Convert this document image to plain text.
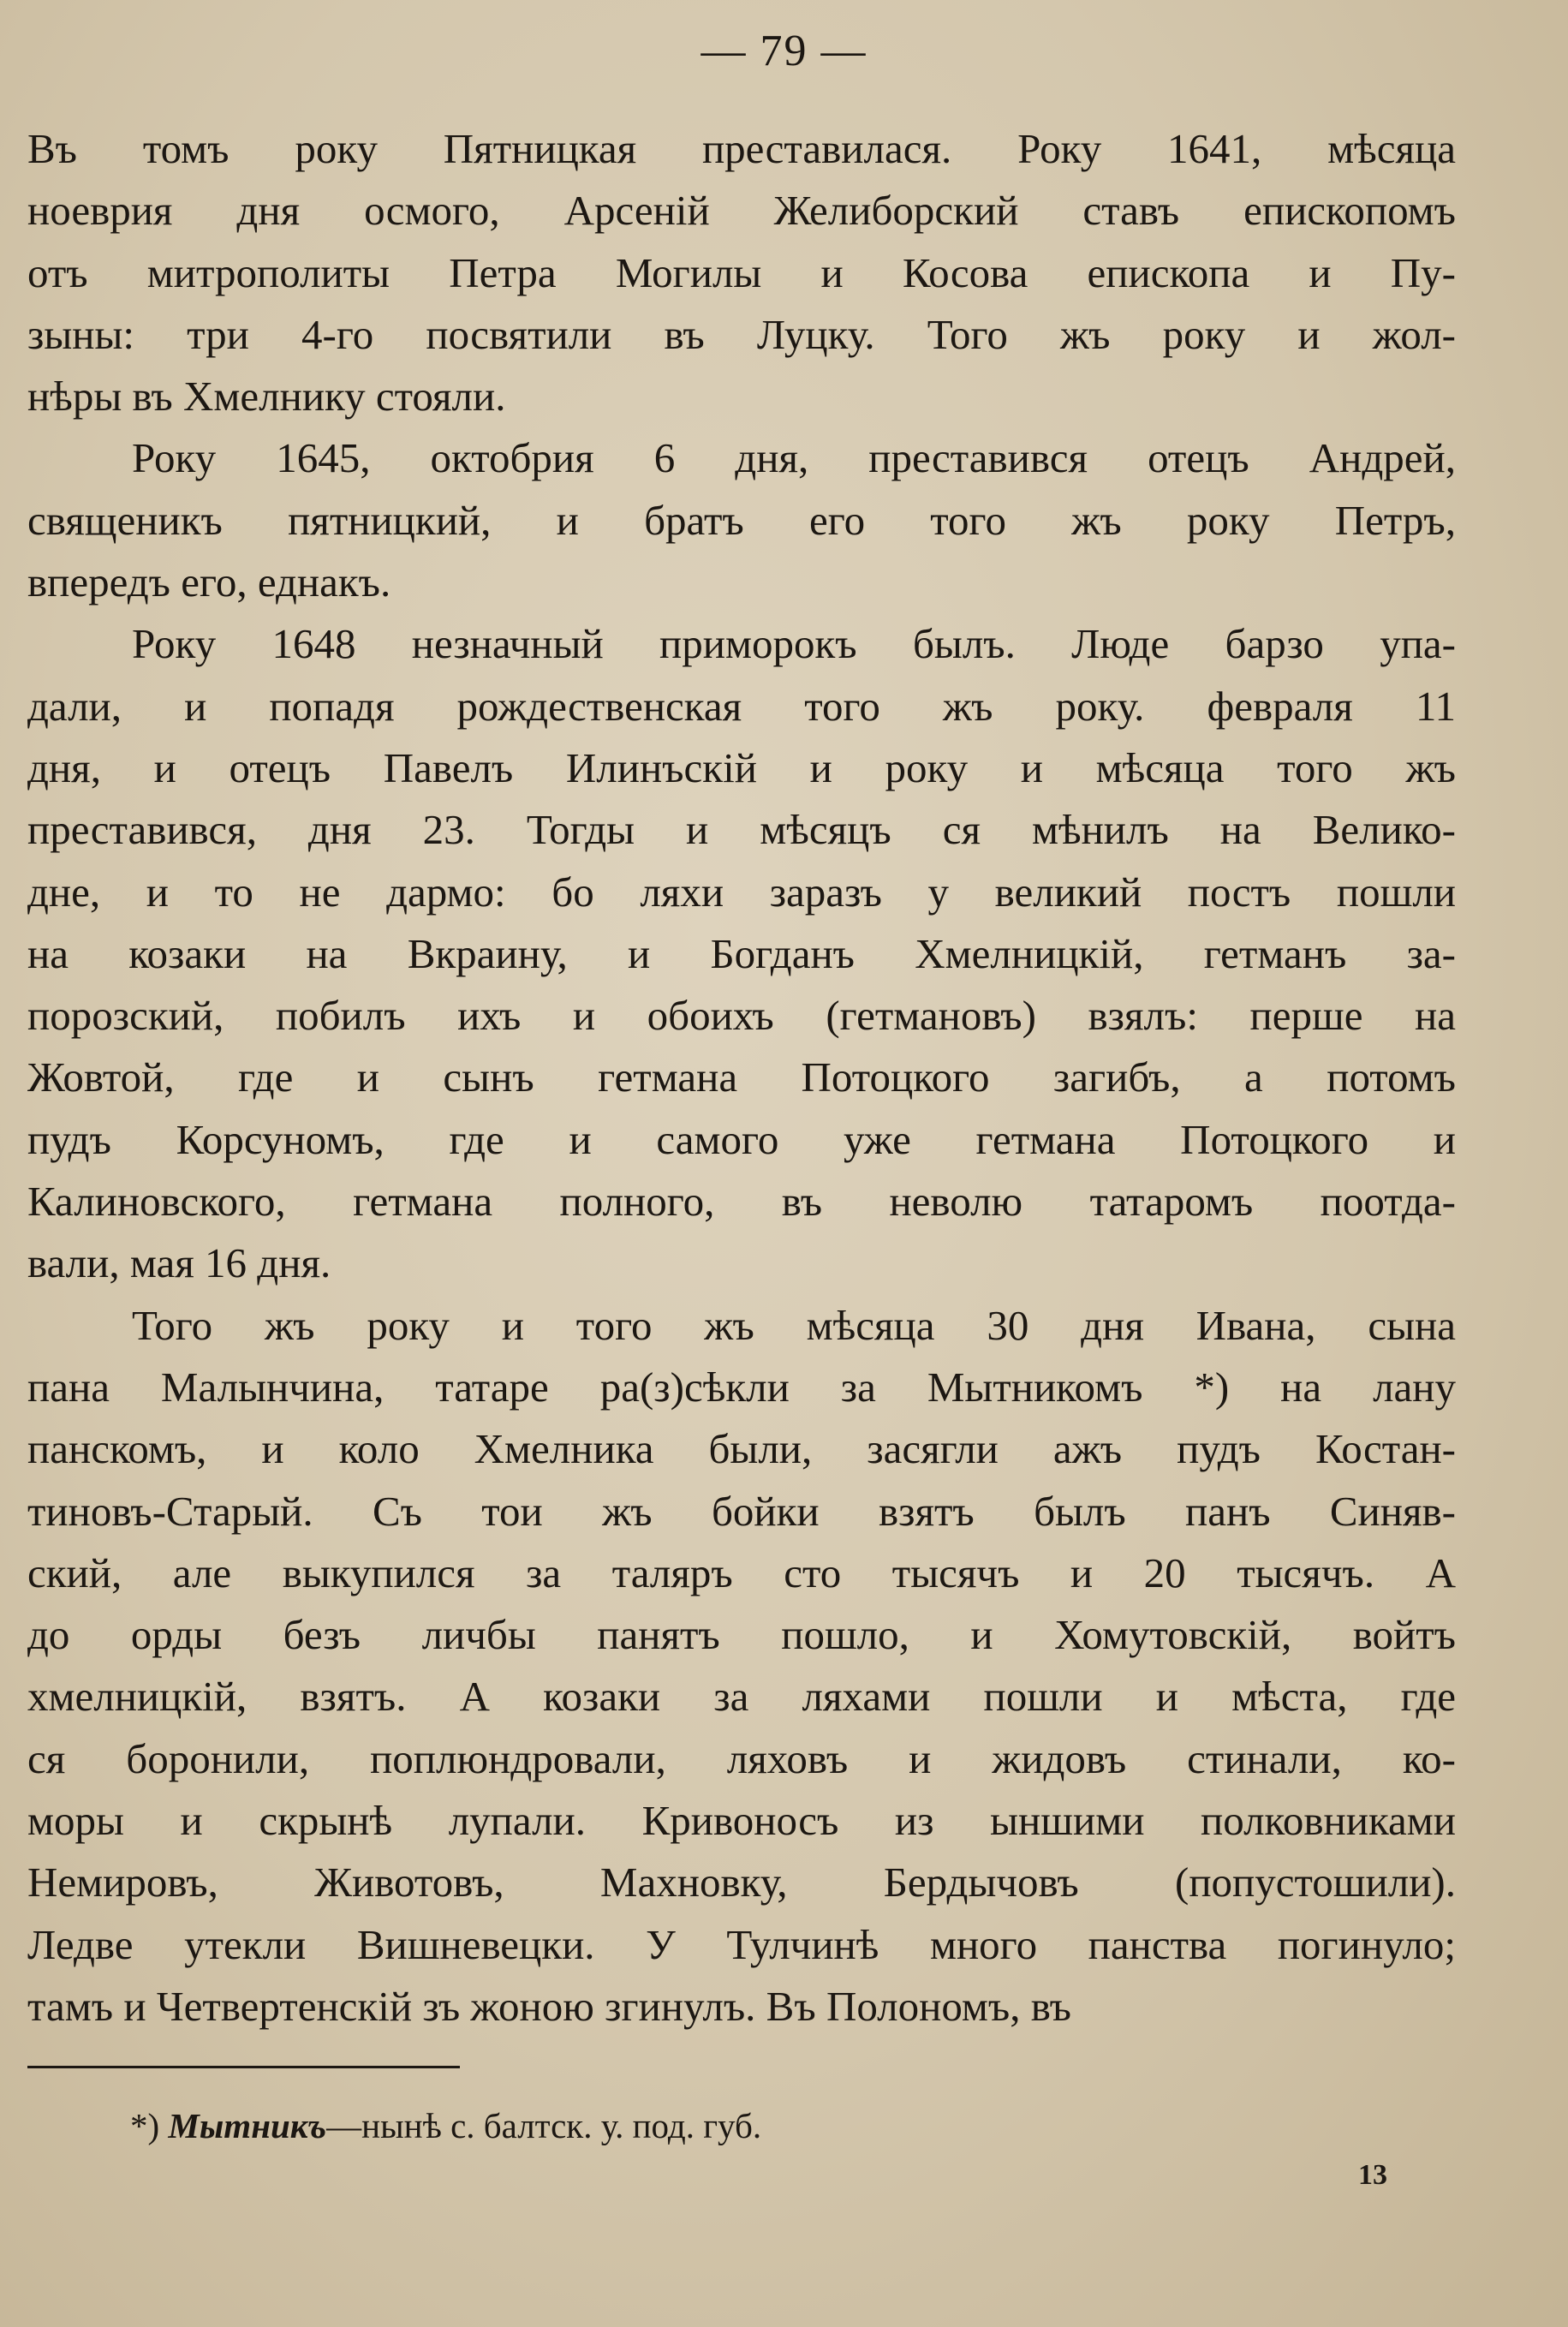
— 79 —

Въ томъ року Пятницкая преставилася. Року 1641, мѣсяца
ноеврия дня осмого, Арсеній Желиборский ставъ епископомъ
отъ митрополиты Петра Могилы и Косова епископа и Пу-
зыны: три 4-го посвятили въ Луцку. Того жъ року и жол-
нѣры въ Хмелнику стояли.

Року 1645, октобрия 6 дня, преставився отецъ Андрей,
священикъ пятницкий, и братъ его того жъ року Петръ,
впередъ его, еднакъ.

Року 1648 незначный приморокъ былъ. Люде барзо упа-
дали, и попадя рождественская того жъ року. февраля 11
дня, и отецъ Павелъ Илинъскій и року и мѣсяца того жъ
преставився, дня 23. Тогды и мѣсяцъ ся мѣнилъ на Велико-
дне, и то не дармо: бо ляхи заразъ у великий постъ пошли
на козаки на Вкраину, и Богданъ Хмелницкій, гетманъ за-
порозский, побилъ ихъ и обоихъ (гетмановъ) взялъ: перше на
Жовтой, где и сынъ гетмана Потоцкого загибъ, а потомъ
пудъ Корсуномъ, где и самого уже гетмана Потоцкого и
Калиновского, гетмана полного, въ неволю татаромъ поотда-
вали, мая 16 дня.

Того жъ року и того жъ мѣсяца 30 дня Ивана, сына
пана Малынчина, татаре ра(з)сѣкли за Мытникомъ *) на лану
панскомъ, и коло Хмелника были, засягли ажъ пудъ Костан-
тиновъ-Старый. Съ тои жъ бойки взятъ былъ панъ Синяв-
ский, але выкупился за таляръ сто тысячъ и 20 тысячъ. А
до орды безъ личбы панятъ пошло, и Хомутовскій, войтъ
хмелницкій, взятъ. А козаки за ляхами пошли и мѣста, где
ся боронили, поплюндровали, ляховъ и жидовъ стинали, ко-
моры и скрынѣ лупали. Кривоносъ из ыншими полковниками
Немировъ, Животовъ, Махновку, Бердычовъ (попустошили).
Ледве утекли Вишневецки. У Тулчинѣ много панства погинуло;
тамъ и Четвертенскій зъ жоною згинулъ. Въ Полономъ, въ

*) Мытникъ—нынѣ с. балтск. у. под. губ.
13
